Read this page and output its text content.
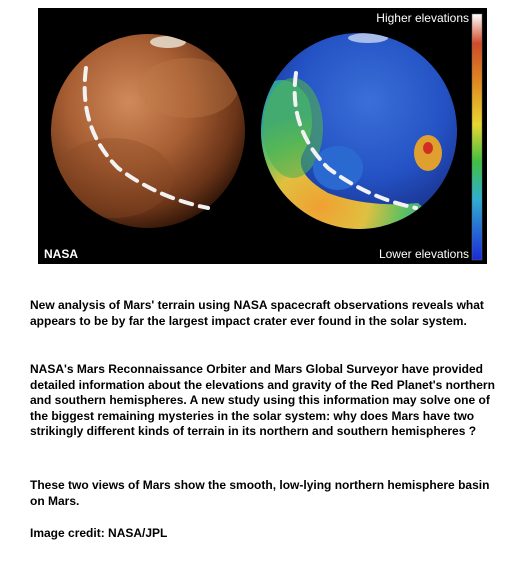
NASA
Higher elevations
Lower elevations

New analysis of Mars' terrain using NASA spacecraft observations reveals what appears to be by far the largest impact crater ever found in the solar system.

NASA's Mars Reconnaissance Orbiter and Mars Global Surveyor have provided detailed information about the elevations and gravity of the Red Planet's northern and southern hemispheres. A new study using this information may solve one of the biggest remaining mysteries in the solar system: why does Mars have two strikingly different kinds of terrain in its northern and southern hemispheres ?

These two views of Mars show the smooth, low-lying northern hemisphere basin on Mars.

Image credit: NASA/JPL
